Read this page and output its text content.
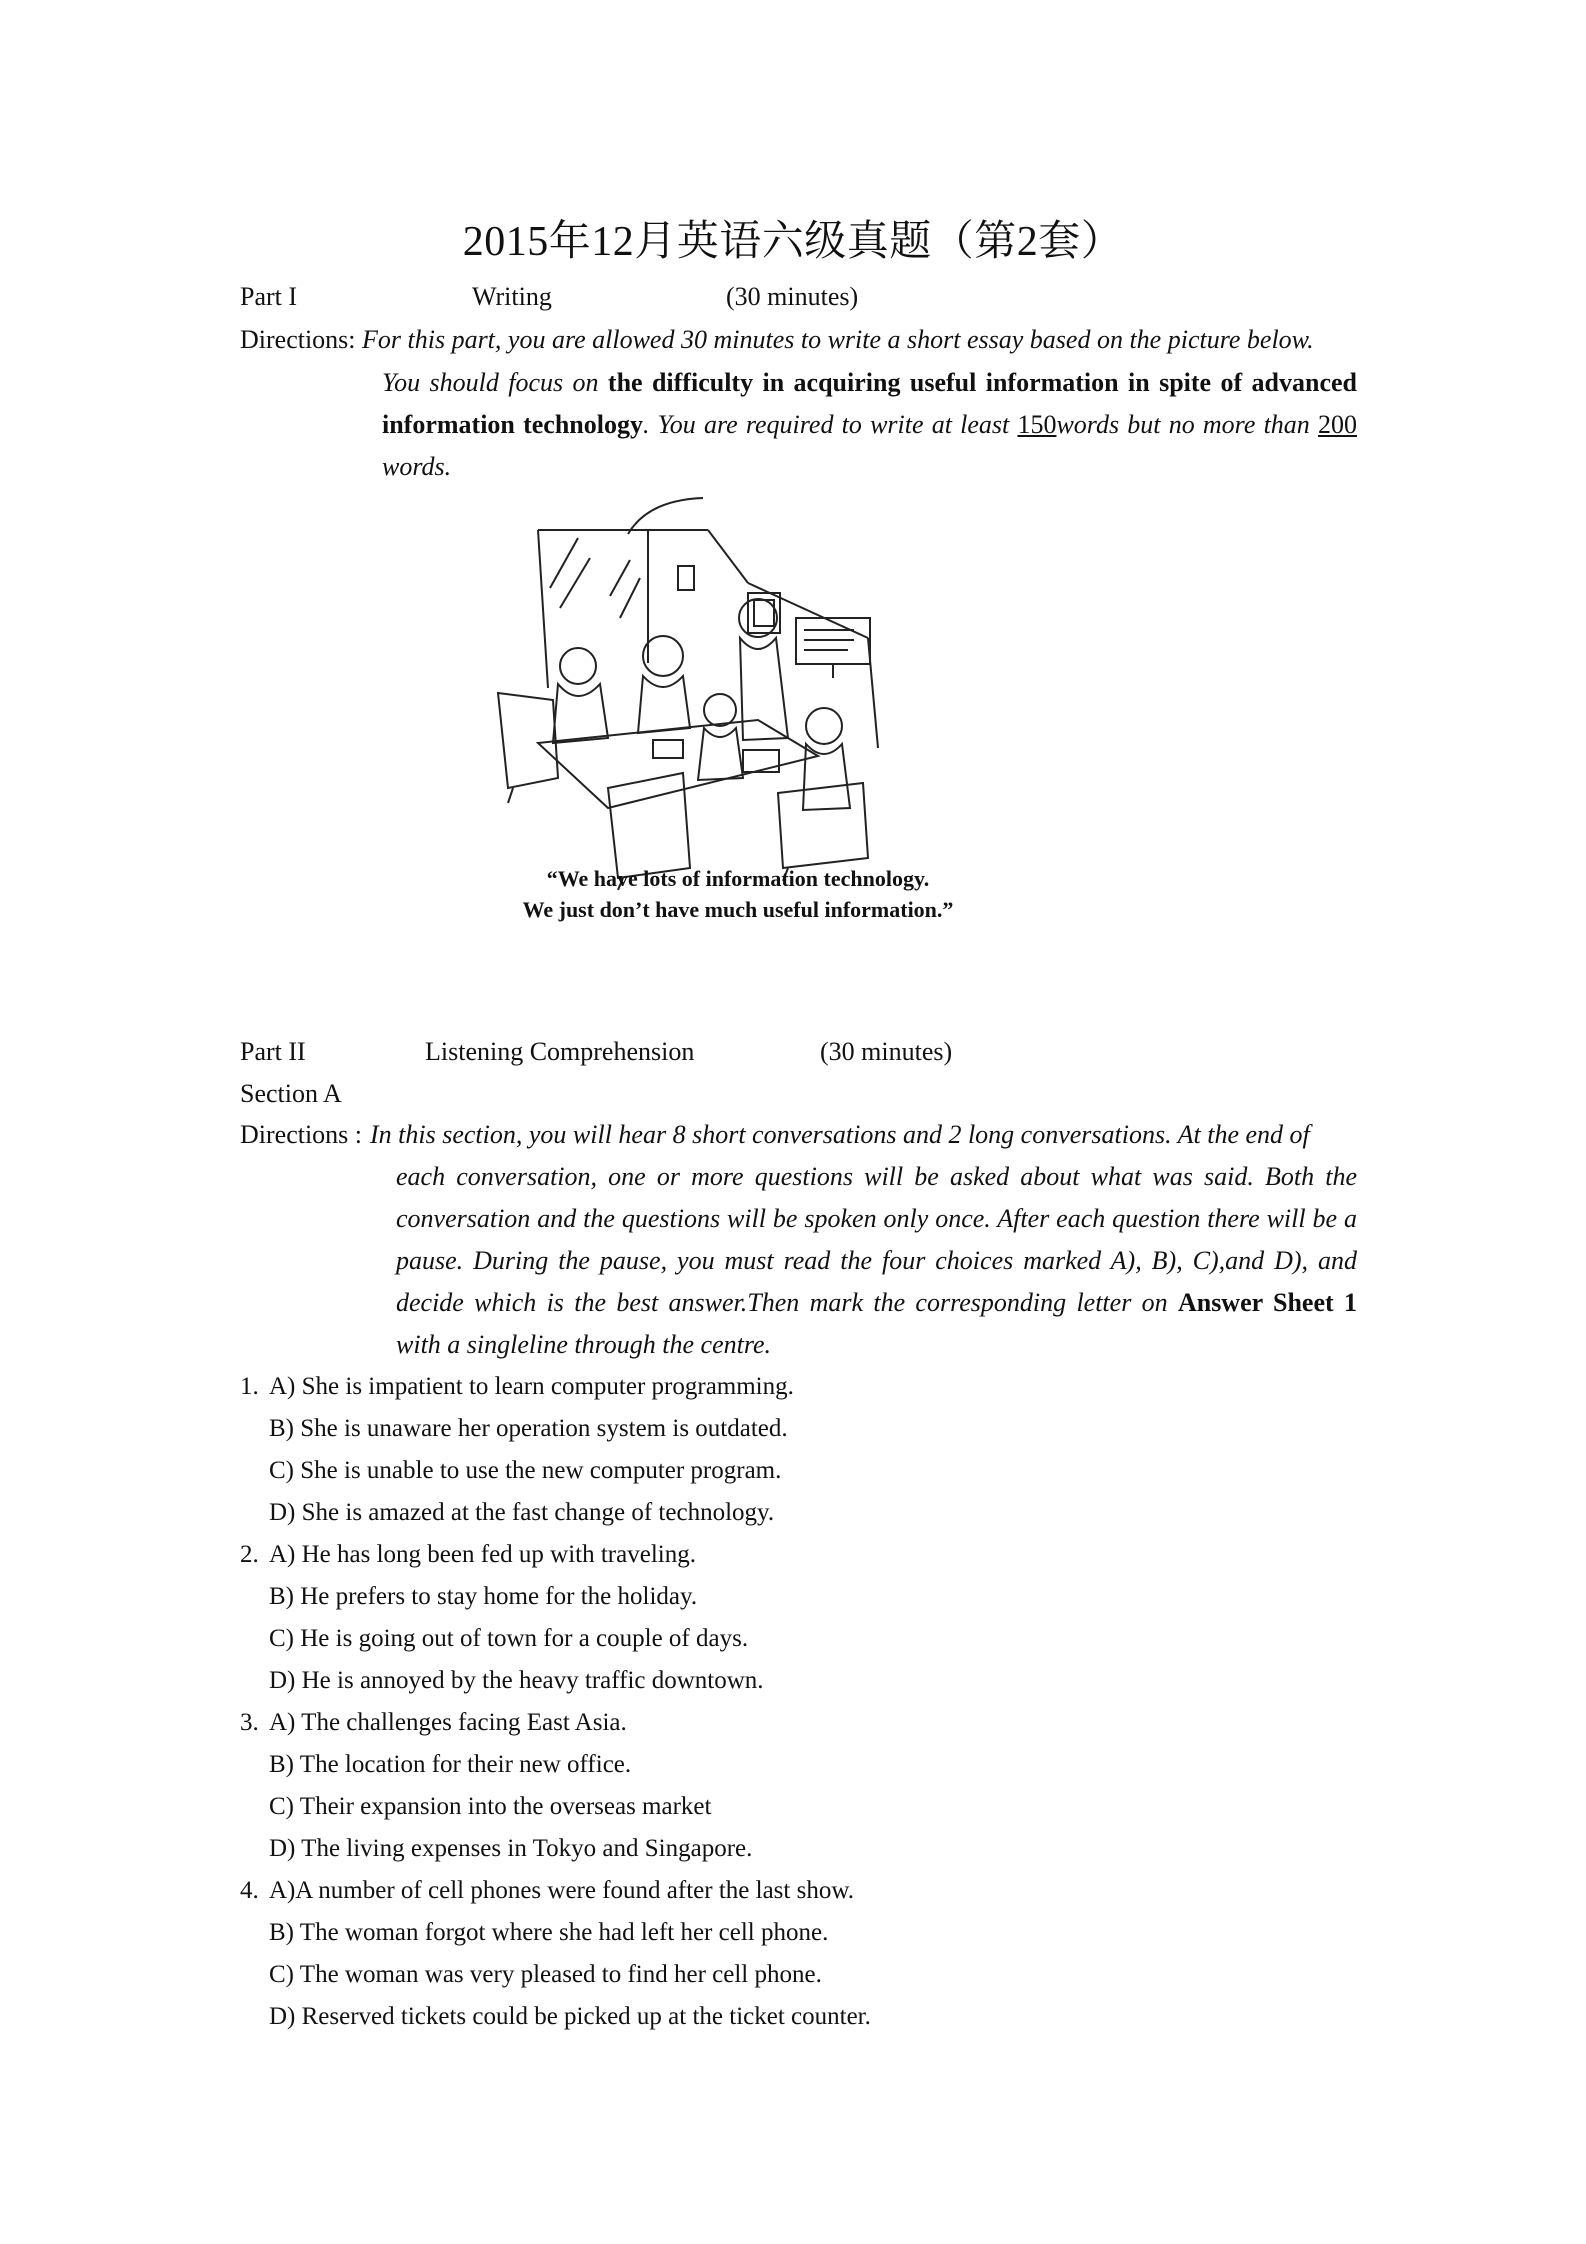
2015年12月英语六级真题（第2套）
Part I	Writing	(30 minutes)
Directions: For this part, you are allowed 30 minutes to write a short essay based on the picture below.
You should focus on the difficulty in acquiring useful information in spite of advanced information technology. You are required to write at least 150words but no more than 200 words.
“We have lots of information technology.
We just don’t have much useful information.”
Part II	Listening Comprehension	(30 minutes)
Section A
Directions : In this section, you will hear 8 short conversations and 2 long conversations. At the end of
each conversation, one or more questions will be asked about what was said. Both the conversation and the questions will be spoken only once. After each question there will be a pause. During the pause, you must read the four choices marked A), B), C),and D), and decide which is the best answer.Then mark the corresponding letter on Answer Sheet 1 with a singleline through the centre.
1. A) She is impatient to learn computer programming.
B) She is unaware her operation system is outdated.
C) She is unable to use the new computer program.
D) She is amazed at the fast change of technology.
2. A) He has long been fed up with traveling.
B) He prefers to stay home for the holiday.
C) He is going out of town for a couple of days.
D) He is annoyed by the heavy traffic downtown.
3. A) The challenges facing East Asia.
B) The location for their new office.
C) Their expansion into the overseas market
D) The living expenses in Tokyo and Singapore.
4. A)A number of cell phones were found after the last show.
B) The woman forgot where she had left her cell phone.
C) The woman was very pleased to find her cell phone.
D) Reserved tickets could be picked up at the ticket counter.
